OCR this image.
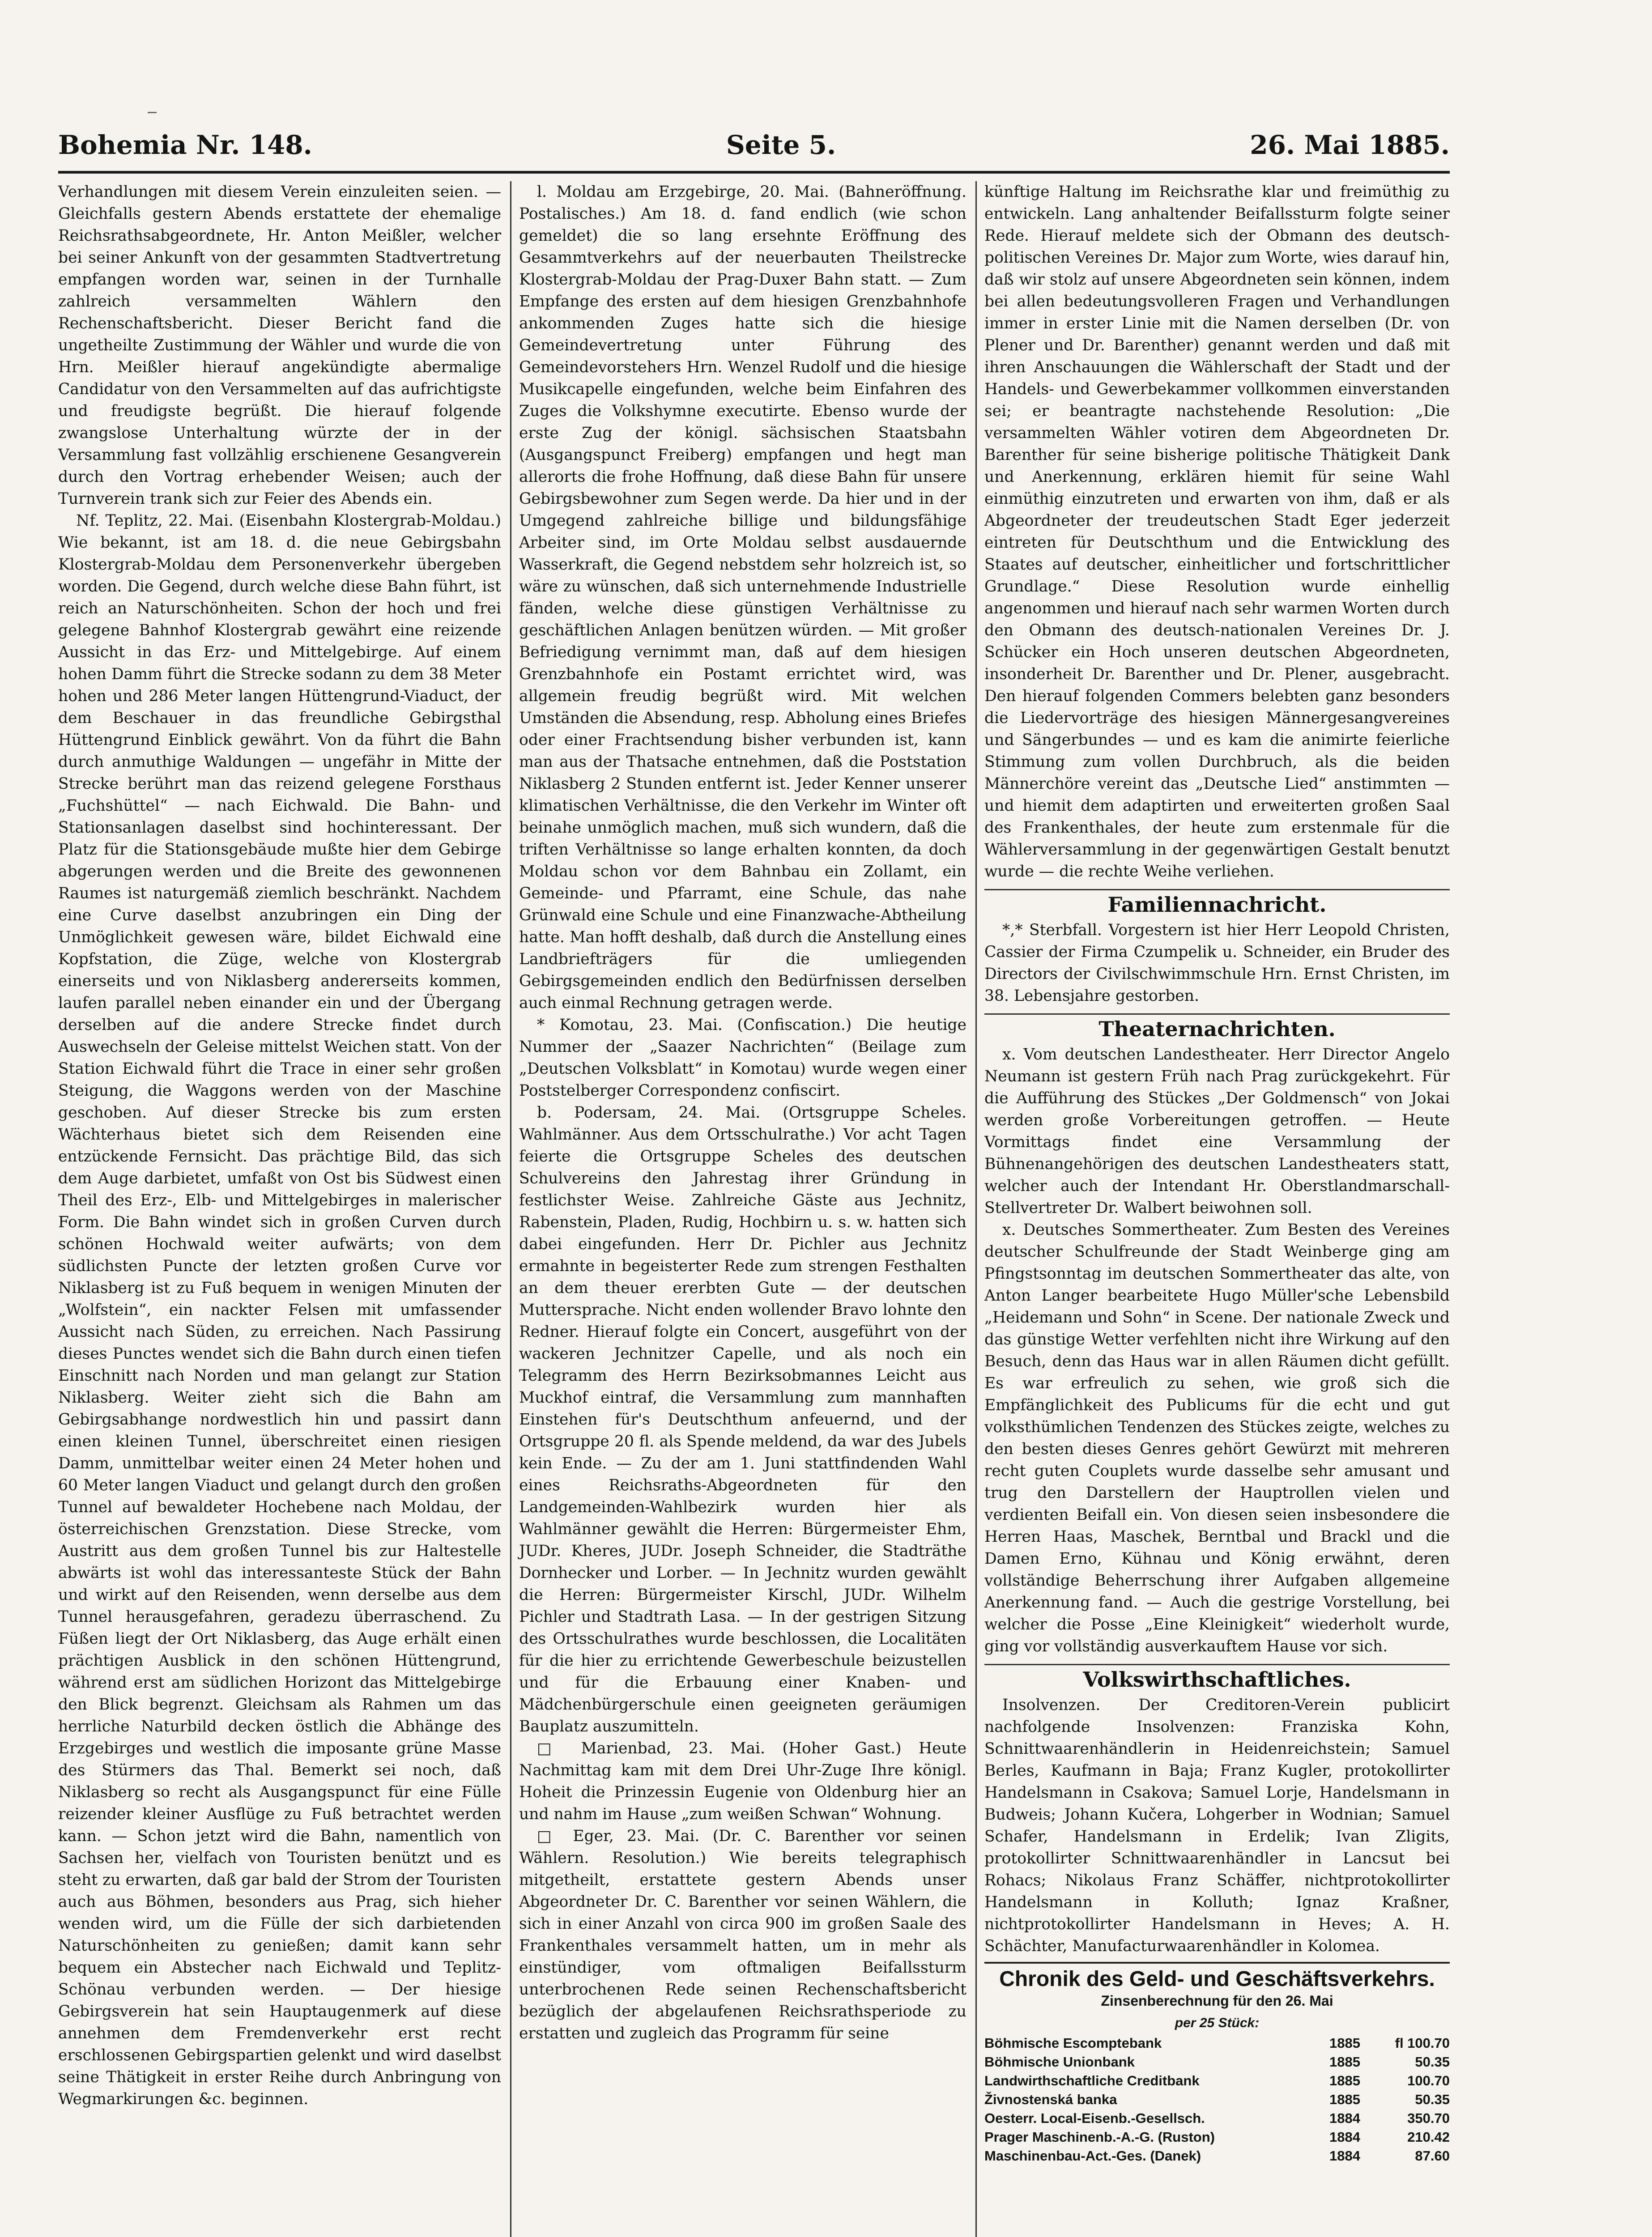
Bohemia Nr. 148.	Seite 5.	26. Mai 1885.

Verhandlungen mit diesem Verein einzuleiten seien. — Gleichfalls gestern Abends erstattete der ehemalige Reichsrathsabgeordnete, Hr. Anton Meißler, welcher bei seiner Ankunft von der gesammten Stadtvertretung empfangen worden war, seinen in der Turnhalle zahlreich versammelten Wählern den Rechenschaftsbericht. Dieser Bericht fand die ungetheilte Zustimmung der Wähler und wurde die von Hrn. Meißler hierauf angekündigte abermalige Candidatur von den Versammelten auf das aufrichtigste und freudigste begrüßt. Die hierauf folgende zwangslose Unterhaltung würzte der in der Versammlung fast vollzählig erschienene Gesangverein durch den Vortrag erhebender Weisen; auch der Turnverein trank sich zur Feier des Abends ein.

Nf. Teplitz, 22. Mai. (Eisenbahn Klostergrab-Moldau.) Wie bekannt, ist am 18. d. die neue Gebirgsbahn Klostergrab-Moldau dem Personenverkehr übergeben worden. Die Gegend, durch welche diese Bahn führt, ist reich an Naturschönheiten. Schon der hoch und frei gelegene Bahnhof Klostergrab gewährt eine reizende Aussicht in das Erz- und Mittelgebirge. Auf einem hohen Damm führt die Strecke sodann zu dem 38 Meter hohen und 286 Meter langen Hüttengrund-Viaduct, der dem Beschauer in das freundliche Gebirgsthal Hüttengrund Einblick gewährt. Von da führt die Bahn durch anmuthige Waldungen — ungefähr in Mitte der Strecke berührt man das reizend gelegene Forsthaus „Fuchshüttel“ — nach Eichwald. Die Bahn- und Stationsanlagen daselbst sind hochinteressant. Der Platz für die Stationsgebäude mußte hier dem Gebirge abgerungen werden und die Breite des gewonnenen Raumes ist naturgemäß ziemlich beschränkt. Nachdem eine Curve daselbst anzubringen ein Ding der Unmöglichkeit gewesen wäre, bildet Eichwald eine Kopfstation, die Züge, welche von Klostergrab einerseits und von Niklasberg andererseits kommen, laufen parallel neben einander ein und der Übergang derselben auf die andere Strecke findet durch Auswechseln der Geleise mittelst Weichen statt. Von der Station Eichwald führt die Trace in einer sehr großen Steigung, die Waggons werden von der Maschine geschoben. Auf dieser Strecke bis zum ersten Wächterhaus bietet sich dem Reisenden eine entzückende Fernsicht. Das prächtige Bild, das sich dem Auge darbietet, umfaßt von Ost bis Südwest einen Theil des Erz-, Elb- und Mittelgebirges in malerischer Form. Die Bahn windet sich in großen Curven durch schönen Hochwald weiter aufwärts; von dem südlichsten Puncte der letzten großen Curve vor Niklasberg ist zu Fuß bequem in wenigen Minuten der „Wolfstein“, ein nackter Felsen mit umfassender Aussicht nach Süden, zu erreichen. Nach Passirung dieses Punctes wendet sich die Bahn durch einen tiefen Einschnitt nach Norden und man gelangt zur Station Niklasberg. Weiter zieht sich die Bahn am Gebirgsabhange nordwestlich hin und passirt dann einen kleinen Tunnel, überschreitet einen riesigen Damm, unmittelbar weiter einen 24 Meter hohen und 60 Meter langen Viaduct und gelangt durch den großen Tunnel auf bewaldeter Hochebene nach Moldau, der österreichischen Grenzstation. Diese Strecke, vom Austritt aus dem großen Tunnel bis zur Haltestelle abwärts ist wohl das interessanteste Stück der Bahn und wirkt auf den Reisenden, wenn derselbe aus dem Tunnel herausgefahren, geradezu überraschend. Zu Füßen liegt der Ort Niklasberg, das Auge erhält einen prächtigen Ausblick in den schönen Hüttengrund, während erst am südlichen Horizont das Mittelgebirge den Blick begrenzt. Gleichsam als Rahmen um das herrliche Naturbild decken östlich die Abhänge des Erzgebirges und westlich die imposante grüne Masse des Stürmers das Thal. Bemerkt sei noch, daß Niklasberg so recht als Ausgangspunct für eine Fülle reizender kleiner Ausflüge zu Fuß betrachtet werden kann. — Schon jetzt wird die Bahn, namentlich von Sachsen her, vielfach von Touristen benützt und es steht zu erwarten, daß gar bald der Strom der Touristen auch aus Böhmen, besonders aus Prag, sich hieher wenden wird, um die Fülle der sich darbietenden Naturschönheiten zu genießen; damit kann sehr bequem ein Abstecher nach Eichwald und Teplitz-Schönau verbunden werden. — Der hiesige Gebirgsverein hat sein Hauptaugenmerk auf diese annehmen dem Fremdenverkehr erst recht erschlossenen Gebirgspartien gelenkt und wird daselbst seine Thätigkeit in erster Reihe durch Anbringung von Wegmarkirungen &c. beginnen.

l. Moldau am Erzgebirge, 20. Mai. (Bahneröffnung. Postalisches.) Am 18. d. fand endlich (wie schon gemeldet) die so lang ersehnte Eröffnung des Gesammtverkehrs auf der neuerbauten Theilstrecke Klostergrab-Moldau der Prag-Duxer Bahn statt. — Zum Empfange des ersten auf dem hiesigen Grenzbahnhofe ankommenden Zuges hatte sich die hiesige Gemeindevertretung unter Führung des Gemeindevorstehers Hrn. Wenzel Rudolf und die hiesige Musikcapelle eingefunden, welche beim Einfahren des Zuges die Volkshymne executirte. Ebenso wurde der erste Zug der königl. sächsischen Staatsbahn (Ausgangspunct Freiberg) empfangen und hegt man allerorts die frohe Hoffnung, daß diese Bahn für unsere Gebirgsbewohner zum Segen werde. Da hier und in der Umgegend zahlreiche billige und bildungsfähige Arbeiter sind, im Orte Moldau selbst ausdauernde Wasserkraft, die Gegend nebstdem sehr holzreich ist, so wäre zu wünschen, daß sich unternehmende Industrielle fänden, welche diese günstigen Verhältnisse zu geschäftlichen Anlagen benützen würden. — Mit großer Befriedigung vernimmt man, daß auf dem hiesigen Grenzbahnhofe ein Postamt errichtet wird, was allgemein freudig begrüßt wird. Mit welchen Umständen die Absendung, resp. Abholung eines Briefes oder einer Frachtsendung bisher verbunden ist, kann man aus der Thatsache entnehmen, daß die Poststation Niklasberg 2 Stunden entfernt ist. Jeder Kenner unserer klimatischen Verhältnisse, die den Verkehr im Winter oft beinahe unmöglich machen, muß sich wundern, daß die triften Verhältnisse so lange erhalten konnten, da doch Moldau schon vor dem Bahnbau ein Zollamt, ein Gemeinde- und Pfarramt, eine Schule, das nahe Grünwald eine Schule und eine Finanzwache-Abtheilung hatte. Man hofft deshalb, daß durch die Anstellung eines Landbriefträgers für die umliegenden Gebirgsgemeinden endlich den Bedürfnissen derselben auch einmal Rechnung getragen werde.

* Komotau, 23. Mai. (Confiscation.) Die heutige Nummer der „Saazer Nachrichten“ (Beilage zum „Deutschen Volksblatt“ in Komotau) wurde wegen einer Poststelberger Correspondenz confiscirt.

b. Podersam, 24. Mai. (Ortsgruppe Scheles. Wahlmänner. Aus dem Ortsschulrathe.) Vor acht Tagen feierte die Ortsgruppe Scheles des deutschen Schulvereins den Jahrestag ihrer Gründung in festlichster Weise. Zahlreiche Gäste aus Jechnitz, Rabenstein, Pladen, Rudig, Hochbirn u. s. w. hatten sich dabei eingefunden. Herr Dr. Pichler aus Jechnitz ermahnte in begeisterter Rede zum strengen Festhalten an dem theuer ererbten Gute — der deutschen Muttersprache. Nicht enden wollender Bravo lohnte den Redner. Hierauf folgte ein Concert, ausgeführt von der wackeren Jechnitzer Capelle, und als noch ein Telegramm des Herrn Bezirksobmannes Leicht aus Muckhof eintraf, die Versammlung zum mannhaften Einstehen für's Deutschthum anfeuernd, und der Ortsgruppe 20 fl. als Spende meldend, da war des Jubels kein Ende. — Zu der am 1. Juni stattfindenden Wahl eines Reichsraths-Abgeordneten für den Landgemeinden-Wahlbezirk wurden hier als Wahlmänner gewählt die Herren: Bürgermeister Ehm, JUDr. Kheres, JUDr. Joseph Schneider, die Stadträthe Dornhecker und Lorber. — In Jechnitz wurden gewählt die Herren: Bürgermeister Kirschl, JUDr. Wilhelm Pichler und Stadtrath Lasa. — In der gestrigen Sitzung des Ortsschulrathes wurde beschlossen, die Localitäten für die hier zu errichtende Gewerbeschule beizustellen und für die Erbauung einer Knaben- und Mädchenbürgerschule einen geeigneten geräumigen Bauplatz auszumitteln.

□ Marienbad, 23. Mai. (Hoher Gast.) Heute Nachmittag kam mit dem Drei Uhr-Zuge Ihre königl. Hoheit die Prinzessin Eugenie von Oldenburg hier an und nahm im Hause „zum weißen Schwan“ Wohnung.

□ Eger, 23. Mai. (Dr. C. Barenther vor seinen Wählern. Resolution.) Wie bereits telegraphisch mitgetheilt, erstattete gestern Abends unser Abgeordneter Dr. C. Barenther vor seinen Wählern, die sich in einer Anzahl von circa 900 im großen Saale des Frankenthales versammelt hatten, um in mehr als einstündiger, vom oftmaligen Beifallssturm unterbrochenen Rede seinen Rechenschaftsbericht bezüglich der abgelaufenen Reichsrathsperiode zu erstatten und zugleich das Programm für seine

künftige Haltung im Reichsrathe klar und freimüthig zu entwickeln. Lang anhaltender Beifallssturm folgte seiner Rede. Hierauf meldete sich der Obmann des deutsch-politischen Vereines Dr. Major zum Worte, wies darauf hin, daß wir stolz auf unsere Abgeordneten sein können, indem bei allen bedeutungsvolleren Fragen und Verhandlungen immer in erster Linie mit die Namen derselben (Dr. von Plener und Dr. Barenther) genannt werden und daß mit ihren Anschauungen die Wählerschaft der Stadt und der Handels- und Gewerbekammer vollkommen einverstanden sei; er beantragte nachstehende Resolution: „Die versammelten Wähler votiren dem Abgeordneten Dr. Barenther für seine bisherige politische Thätigkeit Dank und Anerkennung, erklären hiemit für seine Wahl einmüthig einzutreten und erwarten von ihm, daß er als Abgeordneter der treudeutschen Stadt Eger jederzeit eintreten für Deutschthum und die Entwicklung des Staates auf deutscher, einheitlicher und fortschrittlicher Grundlage.“ Diese Resolution wurde einhellig angenommen und hierauf nach sehr warmen Worten durch den Obmann des deutsch-nationalen Vereines Dr. J. Schücker ein Hoch unseren deutschen Abgeordneten, insonderheit Dr. Barenther und Dr. Plener, ausgebracht. Den hierauf folgenden Commers belebten ganz besonders die Liedervorträge des hiesigen Männergesangvereines und Sängerbundes — und es kam die animirte feierliche Stimmung zum vollen Durchbruch, als die beiden Männerchöre vereint das „Deutsche Lied“ anstimmten — und hiemit dem adaptirten und erweiterten großen Saal des Frankenthales, der heute zum erstenmale für die Wählerversammlung in der gegenwärtigen Gestalt benutzt wurde — die rechte Weihe verliehen.

Familiennachricht.

*,* Sterbfall. Vorgestern ist hier Herr Leopold Christen, Cassier der Firma Czumpelik u. Schneider, ein Bruder des Directors der Civilschwimmschule Hrn. Ernst Christen, im 38. Lebensjahre gestorben.

Theaternachrichten.

x. Vom deutschen Landestheater. Herr Director Angelo Neumann ist gestern Früh nach Prag zurückgekehrt. Für die Aufführung des Stückes „Der Goldmensch“ von Jokai werden große Vorbereitungen getroffen. — Heute Vormittags findet eine Versammlung der Bühnenangehörigen des deutschen Landestheaters statt, welcher auch der Intendant Hr. Oberstlandmarschall-Stellvertreter Dr. Walbert beiwohnen soll.

x. Deutsches Sommertheater. Zum Besten des Vereines deutscher Schulfreunde der Stadt Weinberge ging am Pfingstsonntag im deutschen Sommertheater das alte, von Anton Langer bearbeitete Hugo Müller'sche Lebensbild „Heidemann und Sohn“ in Scene. Der nationale Zweck und das günstige Wetter verfehlten nicht ihre Wirkung auf den Besuch, denn das Haus war in allen Räumen dicht gefüllt. Es war erfreulich zu sehen, wie groß sich die Empfänglichkeit des Publicums für die echt und gut volksthümlichen Tendenzen des Stückes zeigte, welches zu den besten dieses Genres gehört Gewürzt mit mehreren recht guten Couplets wurde dasselbe sehr amusant und trug den Darstellern der Hauptrollen vielen und verdienten Beifall ein. Von diesen seien insbesondere die Herren Haas, Maschek, Berntbal und Brackl und die Damen Erno, Kühnau und König erwähnt, deren vollständige Beherrschung ihrer Aufgaben allgemeine Anerkennung fand. — Auch die gestrige Vorstellung, bei welcher die Posse „Eine Kleinigkeit“ wiederholt wurde, ging vor vollständig ausverkauftem Hause vor sich.

Volkswirthschaftliches.

Insolvenzen. Der Creditoren-Verein publicirt nachfolgende Insolvenzen: Franziska Kohn, Schnittwaarenhändlerin in Heidenreichstein; Samuel Berles, Kaufmann in Baja; Franz Kugler, protokollirter Handelsmann in Csakova; Samuel Lorje, Handelsmann in Budweis; Johann Kučera, Lohgerber in Wodnian; Samuel Schafer, Handelsmann in Erdelik; Ivan Zligits, protokollirter Schnittwaarenhändler in Lancsut bei Rohacs; Nikolaus Franz Schäffer, nichtprotokollirter Handelsmann in Kolluth; Ignaz Kraßner, nichtprotokollirter Handelsmann in Heves; A. H. Schächter, Manufacturwaarenhändler in Kolomea.

Chronik des Geld- und Geschäftsverkehrs.
Zinsenberechnung für den 26. Mai
per 25 Stück:
Böhmische Escomptebank	1885	fl 100.70
Böhmische Unionbank	1885	50.35
Landwirthschaftliche Creditbank	1885	100.70
Živnostenská banka	1885	50.35
Oesterr. Local-Eisenb.-Gesellsch.	1884	350.70
Prager Maschinenb.-A.-G. (Ruston)	1884	210.42
Maschinenbau-Act.-Ges. (Danek)	1884	87.60
